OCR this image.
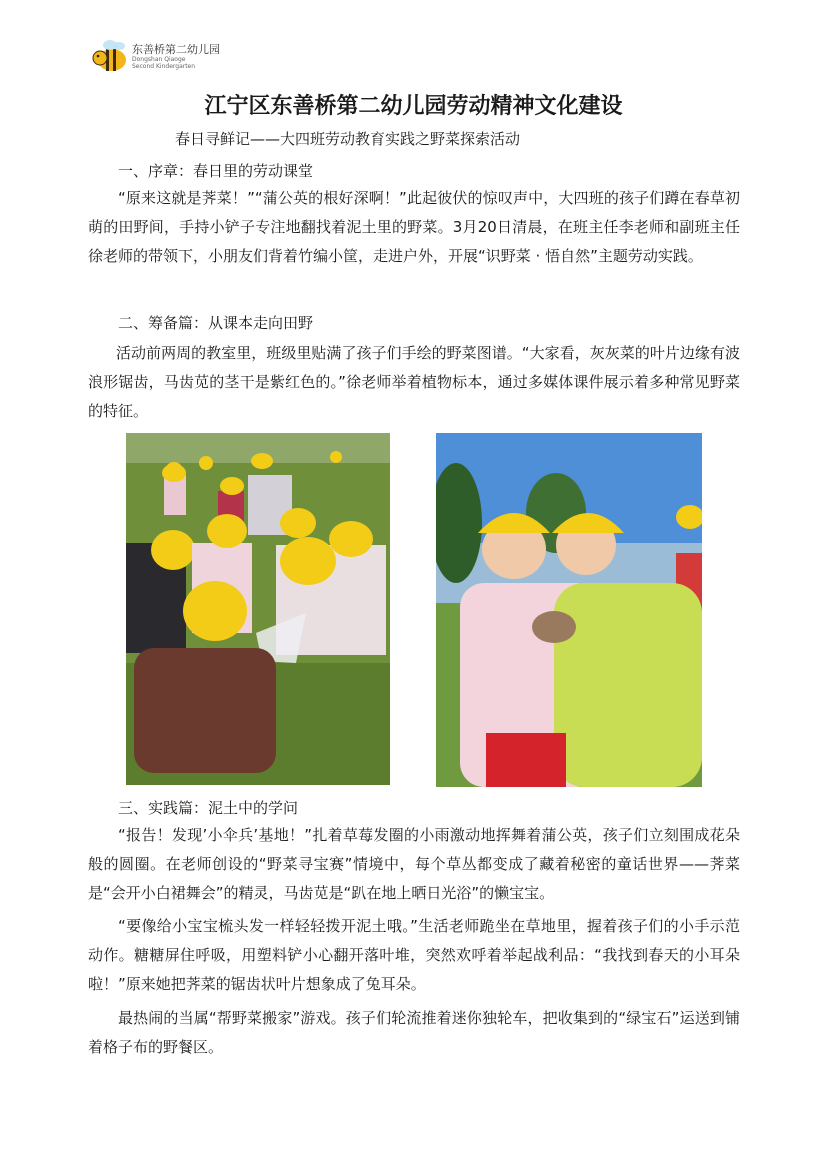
东善桥第二幼儿园
Dongshan Qiaoge Second Kindergarten
江宁区东善桥第二幼儿园劳动精神文化建设
春日寻鲜记——大四班劳动教育实践之野菜探索活动
一、序章：春日里的劳动课堂
“原来这就是荠菜！”“蒲公英的根好深啊！”此起彼伏的惊叹声中，大四班的孩子们蹲在春草初萌的田野间，手持小铲子专注地翻找着泥土里的野菜。3月20日清晨，在班主任李老师和副班主任徐老师的带领下，小朋友们背着竹编小筐，走进户外，开展“识野菜 · 悟自然”主题劳动实践。
二、筹备篇：从课本走向田野
活动前两周的教室里，班级里贴满了孩子们手绘的野菜图谱。“大家看，灰灰菜的叶片边缘有波浪形锯齿，马齿苋的茎干是紫红色的。”徐老师举着植物标本，通过多媒体课件展示着多种常见野菜的特征。
三、实践篇：泥土中的学问
“报告！发现’小伞兵’基地！”扎着草莓发圈的小雨激动地挥舞着蒲公英，孩子们立刻围成花朵般的圆圈。在老师创设的“野菜寻宝赛”情境中，每个草丛都变成了藏着秘密的童话世界——荠菜是“会开小白裙舞会”的精灵，马齿苋是“趴在地上晒日光浴”的懒宝宝。
“要像给小宝宝梳头发一样轻轻拨开泥土哦。”生活老师跪坐在草地里，握着孩子们的小手示范动作。糖糖屏住呼吸，用塑料铲小心翻开落叶堆，突然欢呼着举起战利品：“我找到春天的小耳朵啦！”原来她把荠菜的锯齿状叶片想象成了兔耳朵。
最热闹的当属“帮野菜搬家”游戏。孩子们轮流推着迷你独轮车，把收集到的“绿宝石”运送到铺着格子布的野餐区。
